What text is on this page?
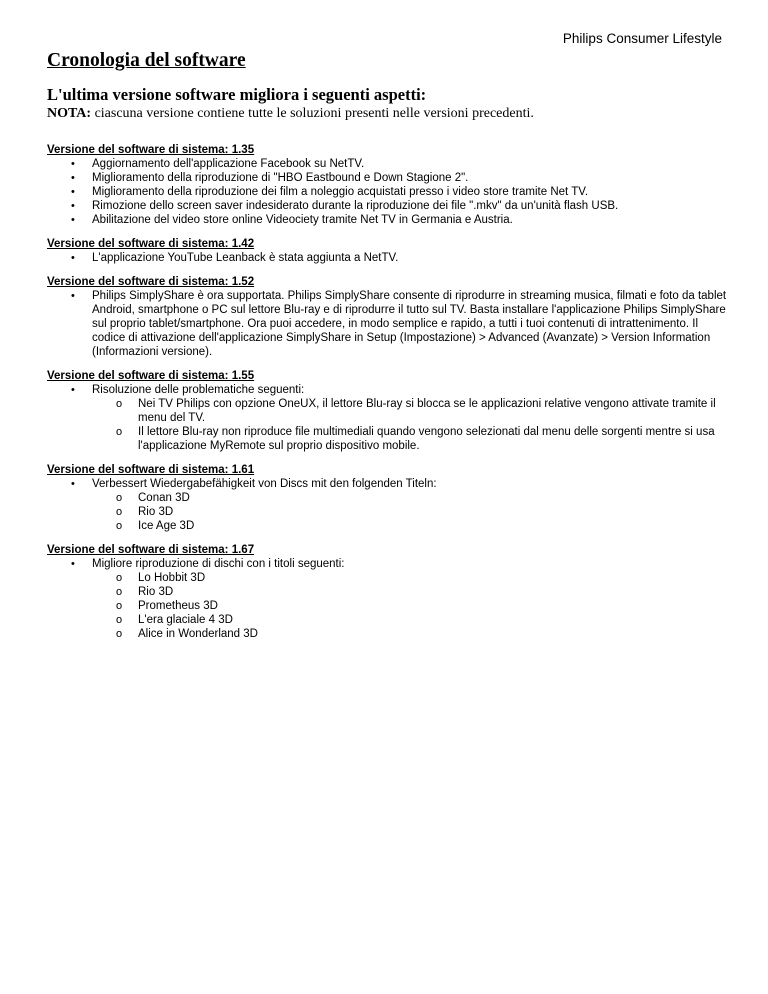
Philips Consumer Lifestyle
Cronologia del software
L'ultima versione software migliora i seguenti aspetti:
NOTA: ciascuna versione contiene tutte le soluzioni presenti nelle versioni precedenti.
Versione del software di sistema: 1.35
•	Aggiornamento dell'applicazione Facebook su NetTV.
•	Miglioramento della riproduzione di "HBO Eastbound e Down Stagione 2".
•	Miglioramento della riproduzione dei film a noleggio acquistati presso i video store tramite Net TV.
•	Rimozione dello screen saver indesiderato durante la riproduzione dei file ".mkv" da un'unità flash USB.
•	Abilitazione del video store online Videociety tramite Net TV in Germania e Austria.
Versione del software di sistema: 1.42
•	L'applicazione YouTube Leanback è stata aggiunta a NetTV.
Versione del software di sistema: 1.52
•	Philips SimplyShare è ora supportata. Philips SimplyShare consente di riprodurre in streaming musica, filmati e foto da tablet Android, smartphone o PC sul lettore Blu-ray e di riprodurre il tutto sul TV. Basta installare l'applicazione Philips SimplyShare sul proprio tablet/smartphone. Ora puoi accedere, in modo semplice e rapido, a tutti i tuoi contenuti di intrattenimento. Il codice di attivazione dell'applicazione SimplyShare in Setup (Impostazione) > Advanced (Avanzate) > Version Information (Informazioni versione).
Versione del software di sistema: 1.55
•	Risoluzione delle problematiche seguenti:
o Nei TV Philips con opzione OneUX, il lettore Blu-ray si blocca se le applicazioni relative vengono attivate tramite il menu del TV.
o Il lettore Blu-ray non riproduce file multimediali quando vengono selezionati dal menu delle sorgenti mentre si usa l'applicazione MyRemote sul proprio dispositivo mobile.
Versione del software di sistema: 1.61
•	Verbessert Wiedergabefähigkeit von Discs mit den folgenden Titeln:
o Conan 3D
o Rio 3D
o Ice Age 3D
Versione del software di sistema: 1.67
•	Migliore riproduzione di dischi con i titoli seguenti:
o Lo Hobbit 3D
o Rio 3D
o Prometheus 3D
o L'era glaciale 4 3D
o Alice in Wonderland 3D
